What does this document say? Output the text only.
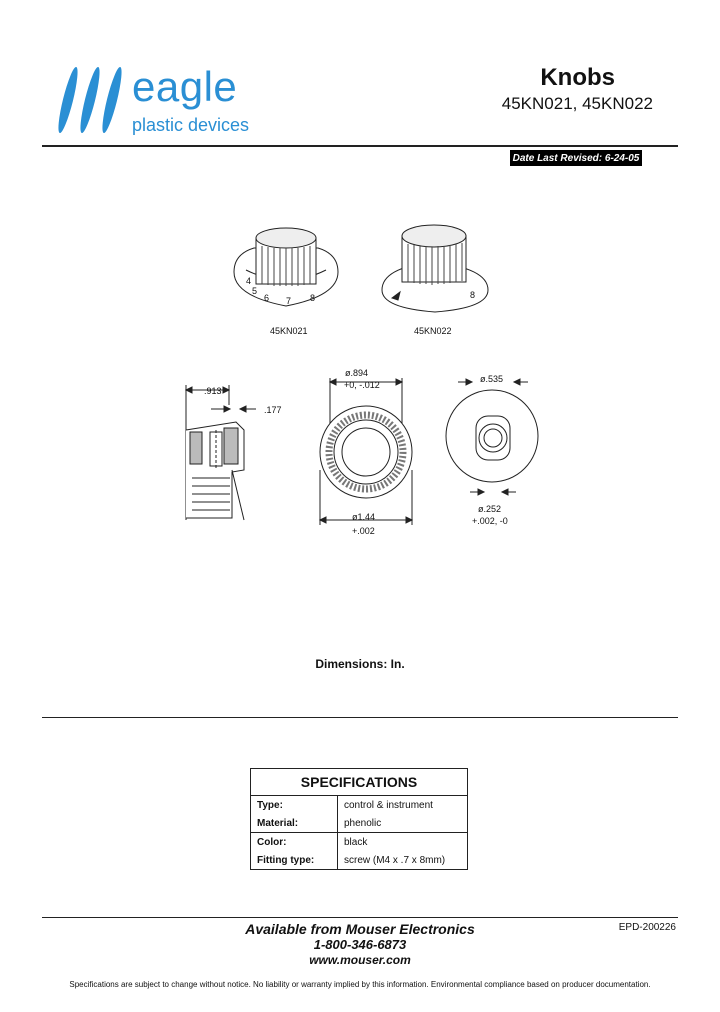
eagle
plastic devices
Knobs
45KN021, 45KN022
Date Last Revised:
6-24-05
4
5
6 7 8
45KN021
8
45KN022
.913
.177
ø.894
+0, -.012
ø1.44
+.002
ø.535
ø.252
+.002, -0
Dimensions: In.
SPECIFICATIONS	
Type:	control & instrument
Material:	phenolic
Color:	black
Fitting type:	screw (M4 x .7 x 8mm)
Available from Mouser Electronics
1-800-346-6873
www.mouser.com
EPD-200226
Specifications are subject to change without notice. No liability or warranty implied by this information. Environmental compliance based on producer documentation.
